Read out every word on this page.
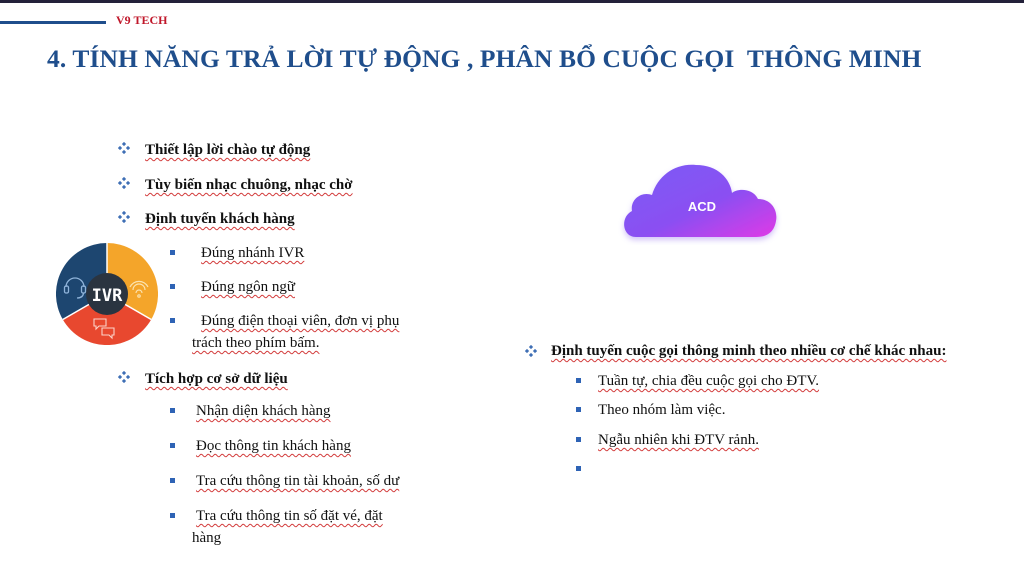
V9 TECH
4. TÍNH NĂNG TRẢ LỜI TỰ ĐỘNG , PHÂN BỔ CUỘC GỌI  THÔNG MINH
Thiết lập lời chào tự động
Tùy biến nhạc chuông, nhạc chờ
Định tuyến khách hàng
Đúng nhánh IVR
Đúng ngôn ngữ
Đúng điện thoại viên, đơn vị phụ
trách theo phím bấm.
Tích hợp cơ sở dữ liệu
Nhận diện khách hàng
Đọc thông tin khách hàng
Tra cứu thông tin tài khoản, số dư
Tra cứu thông tin số đặt vé, đặt
hàng
IVR
ACD
Định tuyến cuộc gọi thông minh theo nhiều cơ chế khác nhau:
Tuần tự, chia đều cuộc gọi cho ĐTV.
Theo nhóm làm việc.
Ngẫu nhiên khi ĐTV rảnh.
